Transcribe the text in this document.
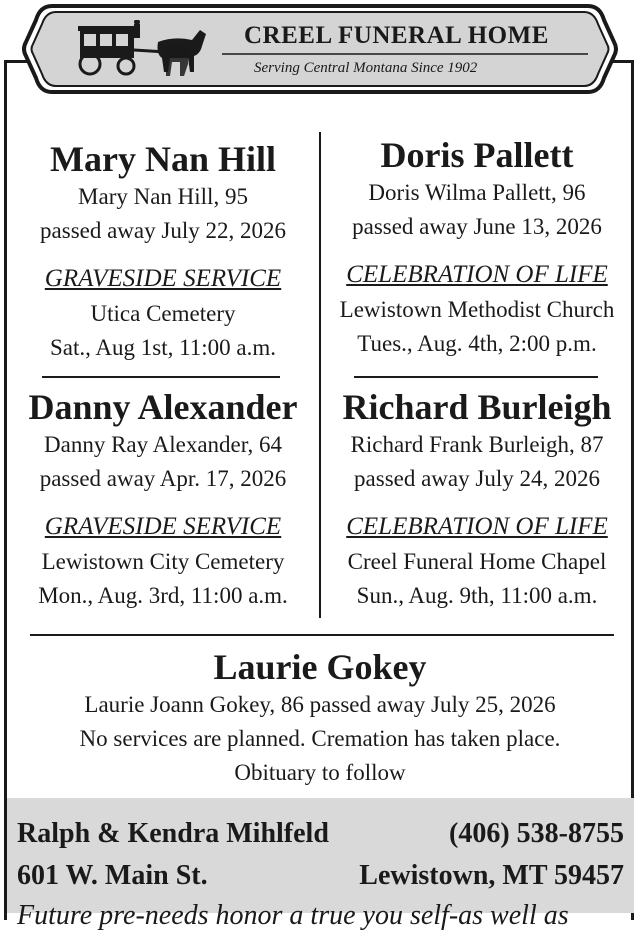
CREEL FUNERAL HOME
Serving Central Montana Since 1902
Mary Nan Hill
Mary Nan Hill, 95
passed away July 22, 2026
GRAVESIDE SERVICE
Utica Cemetery
Sat., Aug 1st, 11:00 a.m.
Doris Pallett
Doris Wilma Pallett, 96
passed away June 13, 2026
CELEBRATION OF LIFE
Lewistown Methodist Church
Tues., Aug. 4th, 2:00 p.m.
Danny Alexander
Danny Ray Alexander, 64
passed away Apr. 17, 2026
GRAVESIDE SERVICE
Lewistown City Cemetery
Mon., Aug. 3rd, 11:00 a.m.
Richard Burleigh
Richard Frank Burleigh, 87
passed away July 24, 2026
CELEBRATION OF LIFE
Creel Funeral Home Chapel
Sun., Aug. 9th, 11:00 a.m.
Laurie Gokey
Laurie Joann Gokey, 86 passed away July 25, 2026
No services are planned. Cremation has taken place.
Obituary to follow
Ralph & Kendra Mihlfeld	(406) 538-8755
601 W. Main St.	Lewistown, MT 59457
Future pre-needs honor a true you self-as well as
